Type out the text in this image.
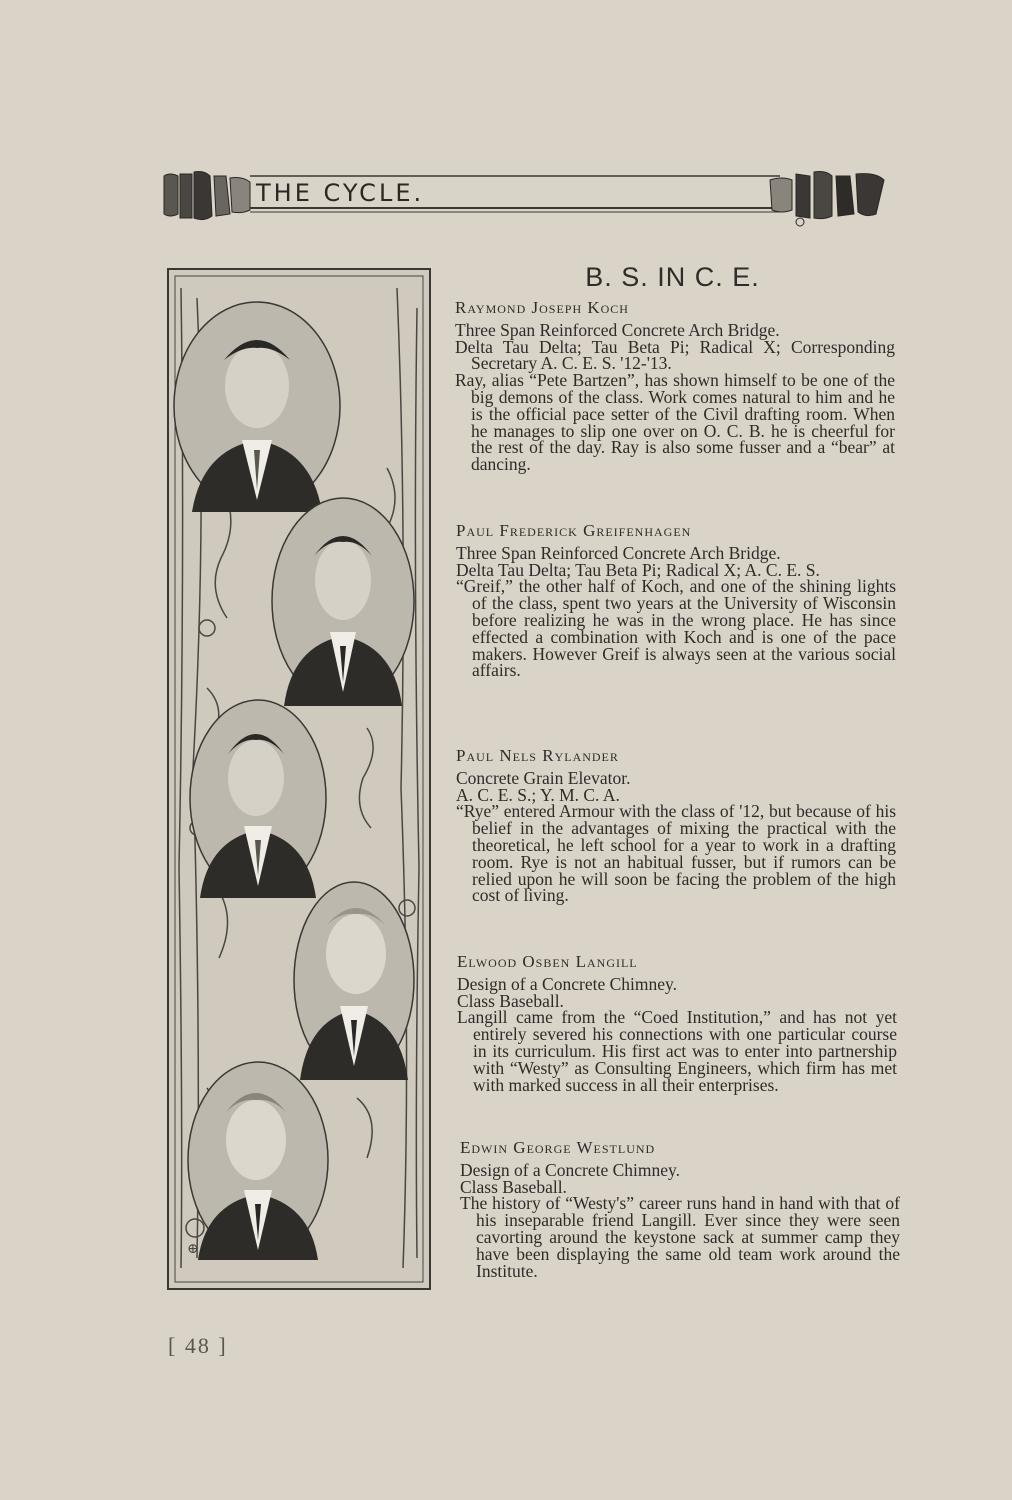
THE CYCLE.
⊕
B. S. IN C. E.
Raymond Joseph Koch
Three Span Reinforced Concrete Arch Bridge.
Delta Tau Delta; Tau Beta Pi; Radical X; Corresponding Secretary A. C. E. S. '12-'13.
Ray, alias “Pete Bartzen”, has shown himself to be one of the big demons of the class. Work comes natural to him and he is the official pace setter of the Civil drafting room. When he manages to slip one over on O. C. B. he is cheerful for the rest of the day. Ray is also some fusser and a “bear” at dancing.
Paul Frederick Greifenhagen
Three Span Reinforced Concrete Arch Bridge.
Delta Tau Delta; Tau Beta Pi; Radical X; A. C. E. S.
“Greif,” the other half of Koch, and one of the shining lights of the class, spent two years at the University of Wisconsin before realizing he was in the wrong place. He has since effected a combination with Koch and is one of the pace makers. However Greif is always seen at the various social affairs.
Paul Nels Rylander
Concrete Grain Elevator.
A. C. E. S.; Y. M. C. A.
“Rye” entered Armour with the class of '12, but because of his belief in the advantages of mixing the practical with the theoretical, he left school for a year to work in a drafting room. Rye is not an habitual fusser, but if rumors can be relied upon he will soon be facing the problem of the high cost of living.
Elwood Osben Langill
Design of a Concrete Chimney.
Class Baseball.
Langill came from the “Coed Institution,” and has not yet entirely severed his connections with one particular course in its curriculum. His first act was to enter into partnership with “Westy” as Consulting Engineers, which firm has met with marked success in all their enterprises.
Edwin George Westlund
Design of a Concrete Chimney.
Class Baseball.
The history of “Westy's” career runs hand in hand with that of his inseparable friend Langill. Ever since they were seen cavorting around the keystone sack at summer camp they have been displaying the same old team work around the Institute.
[ 48 ]
